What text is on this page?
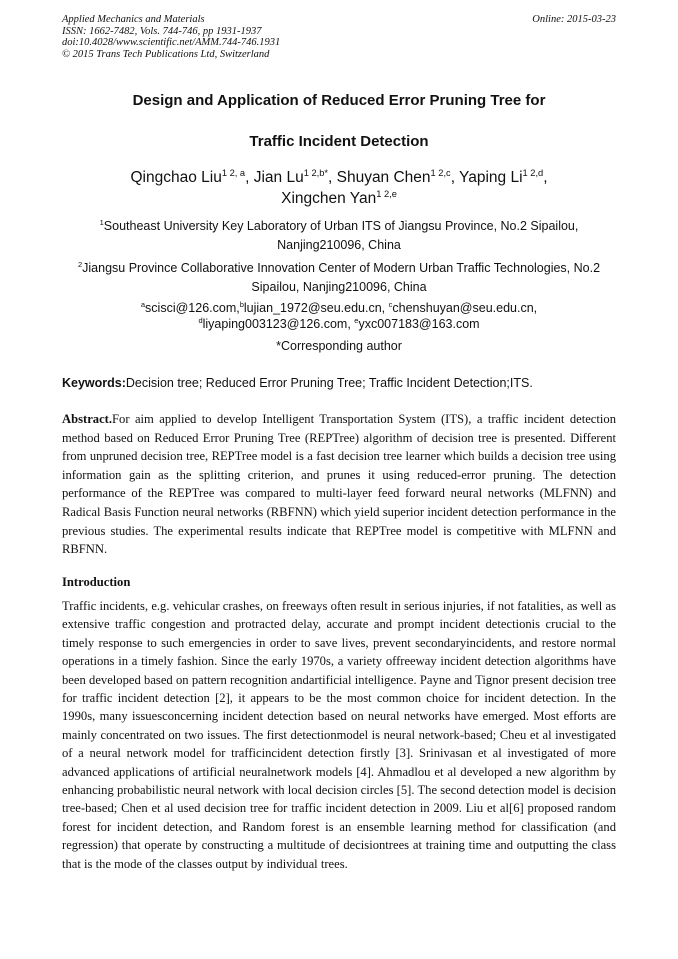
Applied Mechanics and Materials
ISSN: 1662-7482, Vols. 744-746, pp 1931-1937
doi:10.4028/www.scientific.net/AMM.744-746.1931
© 2015 Trans Tech Publications Ltd, Switzerland
Online: 2015-03-23
Design and Application of Reduced Error Pruning Tree for
Traffic Incident Detection
Qingchao Liu$^{1 2, a}$, Jian $Lu^{1 2,b*}$, Shuyan Chen$^{1 2,c}$, Yaping $Li^{1 2,d}$,
Xingchen Yan$^{1 2,e}$
$^1$Southeast University Key Laboratory of Urban ITS of Jiangsu Province, No.2 Sipailou, Nanjing210096, China
$^2$Jiangsu Province Collaborative Innovation Center of Modern Urban Traffic Technologies, No.2 Sipailou, Nanjing210096, China
$^a$scisci@126.com,$^b$lujian_1972@seu.edu.cn, $^c$chenshuyan@seu.edu.cn,
$^d$liyaping003123@126.com, $^e$yxc007183@163.com
*Corresponding author
Keywords:Decision tree; Reduced Error Pruning Tree; Traffic Incident Detection;ITS.
Abstract.For aim applied to develop Intelligent Transportation System (ITS), a traffic incident detection method based on Reduced Error Pruning Tree (REPTree) algorithm of decision tree is presented. Different from unpruned decision tree, REPTree model is a fast decision tree learner which builds a decision tree using information gain as the splitting criterion, and prunes it using reduced-error pruning. The detection performance of the REPTree was compared to multi-layer feed forward neural networks (MLFNN) and Radical Basis Function neural networks (RBFNN) which yield superior incident detection performance in the previous studies. The experimental results indicate that REPTree model is competitive with MLFNN and RBFNN.
Introduction
Traffic incidents, e.g. vehicular crashes, on freeways often result in serious injuries, if not fatalities, as well as extensive traffic congestion and protracted delay, accurate and prompt incident detectionis crucial to the timely response to such emergencies in order to save lives, prevent secondaryincidents, and restore normal operations in a timely fashion. Since the early 1970s, a variety offreeway incident detection algorithms have been developed based on pattern recognition andartificial intelligence. Payne and Tignor present decision tree for traffic incident detection [2], it appears to be the most common choice for incident detection. In the 1990s, many issuesconcerning incident detection based on neural networks have emerged. Most efforts are mainly concentrated on two issues. The first detectionmodel is neural network-based; Cheu et al investigated of a neural network model for trafficincident detection firstly [3]. Srinivasan et al investigated of more advanced applications of artificial neuralnetwork models [4]. Ahmadlou et al developed a new algorithm by enhancing probabilistic neural network with local decision circles [5]. The second detection model is decision tree-based; Chen et al used decision tree for traffic incident detection in 2009. Liu et al[6] proposed random forest for incident detection, and Random forest is an ensemble learning method for classification (and regression) that operate by constructing a multitude of decisiontrees at training time and outputting the class that is the mode of the classes output by individual trees.
